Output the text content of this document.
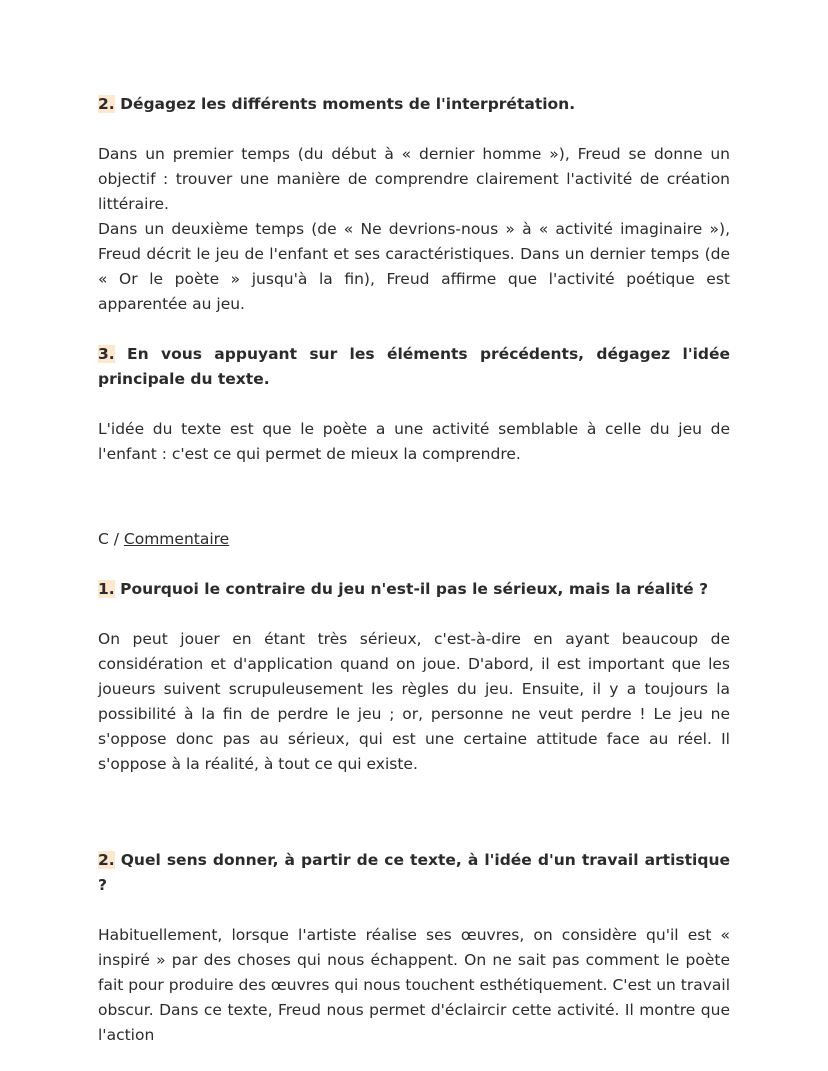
2. Dégagez les différents moments de l'interprétation.

Dans un premier temps (du début à « dernier homme »), Freud se donne un objectif : trouver une manière de comprendre clairement l'activité de création littéraire.

Dans un deuxième temps (de « Ne devrions-nous » à « activité imaginaire »), Freud décrit le jeu de l'enfant et ses caractéristiques. Dans un dernier temps (de « Or le poète » jusqu'à la fin), Freud affirme que l'activité poétique est apparentée au jeu.

3. En vous appuyant sur les éléments précédents, dégagez l'idée principale du texte.

L'idée du texte est que le poète a une activité semblable à celle du jeu de l'enfant : c'est ce qui permet de mieux la comprendre.

C / Commentaire

1. Pourquoi le contraire du jeu n'est-il pas le sérieux, mais la réalité ?

On peut jouer en étant très sérieux, c'est-à-dire en ayant beaucoup de considération et d'application quand on joue. D'abord, il est important que les joueurs suivent scrupuleusement les règles du jeu. Ensuite, il y a toujours la possibilité à la fin de perdre le jeu ; or, personne ne veut perdre ! Le jeu ne s'oppose donc pas au sérieux, qui est une certaine attitude face au réel. Il s'oppose à la réalité, à tout ce qui existe.

2. Quel sens donner, à partir de ce texte, à l'idée d'un travail artistique ?

Habituellement, lorsque l'artiste réalise ses œuvres, on considère qu'il est « inspiré » par des choses qui nous échappent. On ne sait pas comment le poète fait pour produire des œuvres qui nous touchent esthétiquement. C'est un travail obscur. Dans ce texte, Freud nous permet d'éclaircir cette activité. Il montre que l'action
